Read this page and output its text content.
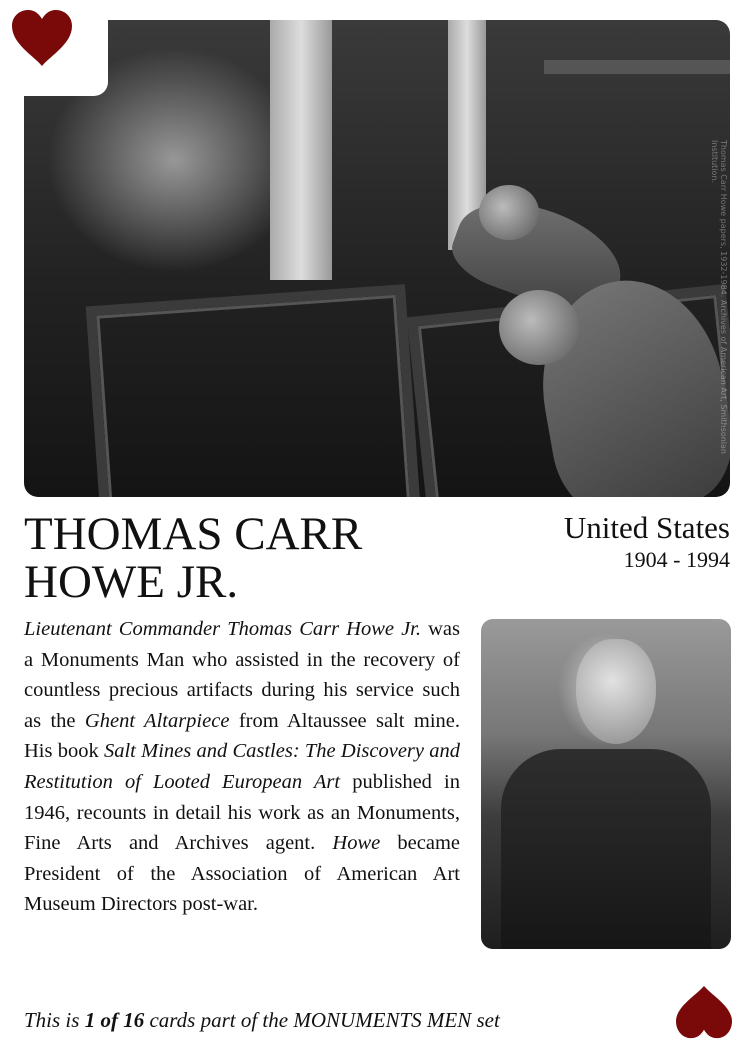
Thomas Carr Howe papers, 1932-1984. Archives of American Art, Smithsonian Institution.
THOMAS CARR
HOWE JR.
United States
1904 - 1994

Lieutenant Commander Thomas Carr Howe Jr. was a Monuments Man who assisted in the recovery of countless precious artifacts during his service such as the Ghent Altarpiece from Altaussee salt mine. His book Salt Mines and Castles: The Discovery and Restitution of Looted European Art published in 1946, recounts in detail his work as an Monuments, Fine Arts and Archives agent. Howe became President of the Association of American Art Museum Directors post-war.

This is 1 of 16 cards part of the MONUMENTS MEN set
